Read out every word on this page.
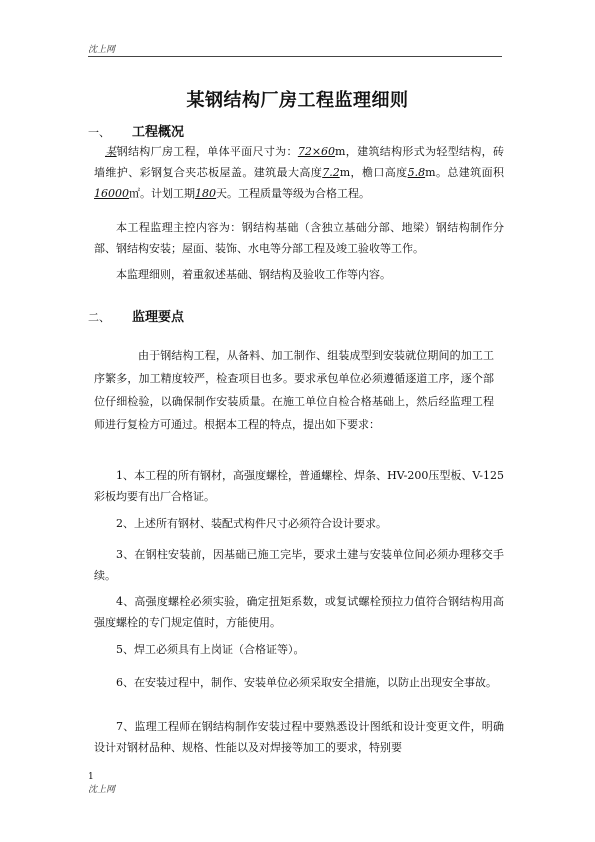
沈上网
某钢结构厂房工程监理细则
一、 工程概况
  某钢结构厂房工程，单体平面尺寸为：72×60m，建筑结构形式为轻型结构，砖墙维护、彩钢复合夹芯板屋盖。建筑最大高度7.2m，檐口高度5.8m。总建筑面积16000㎡。计划工期180天。工程质量等级为合格工程。
本工程监理主控内容为：钢结构基础（含独立基础分部、地梁）钢结构制作分部、钢结构安装；屋面、装饰、水电等分部工程及竣工验收等工作。
本监理细则，着重叙述基础、钢结构及验收工作等内容。
二、 监理要点
由于钢结构工程，从备料、加工制作、组装成型到安装就位期间的加工工序繁多，加工精度较严，检查项目也多。要求承包单位必须遵循逐道工序，逐个部位仔细检验，以确保制作安装质量。在施工单位自检合格基础上，然后经监理工程师进行复检方可通过。根据本工程的特点，提出如下要求：
1、本工程的所有钢材，高强度螺栓，普通螺栓、焊条、HV-200压型板、V-125彩板均要有出厂合格证。
2、上述所有钢材、装配式构件尺寸必须符合设计要求。
3、在钢柱安装前，因基础已施工完毕，要求土建与安装单位间必须办理移交手续。
4、高强度螺栓必须实验，确定扭矩系数，或复试螺栓预拉力值符合钢结构用高强度螺栓的专门规定值时，方能使用。
5、焊工必须具有上岗证（合格证等）。
6、在安装过程中，制作、安装单位必须采取安全措施，以防止出现安全事故。
7、监理工程师在钢结构制作安装过程中要熟悉设计图纸和设计变更文件，明确设计对钢材品种、规格、性能以及对焊接等加工的要求，特别要
1
沈上网
